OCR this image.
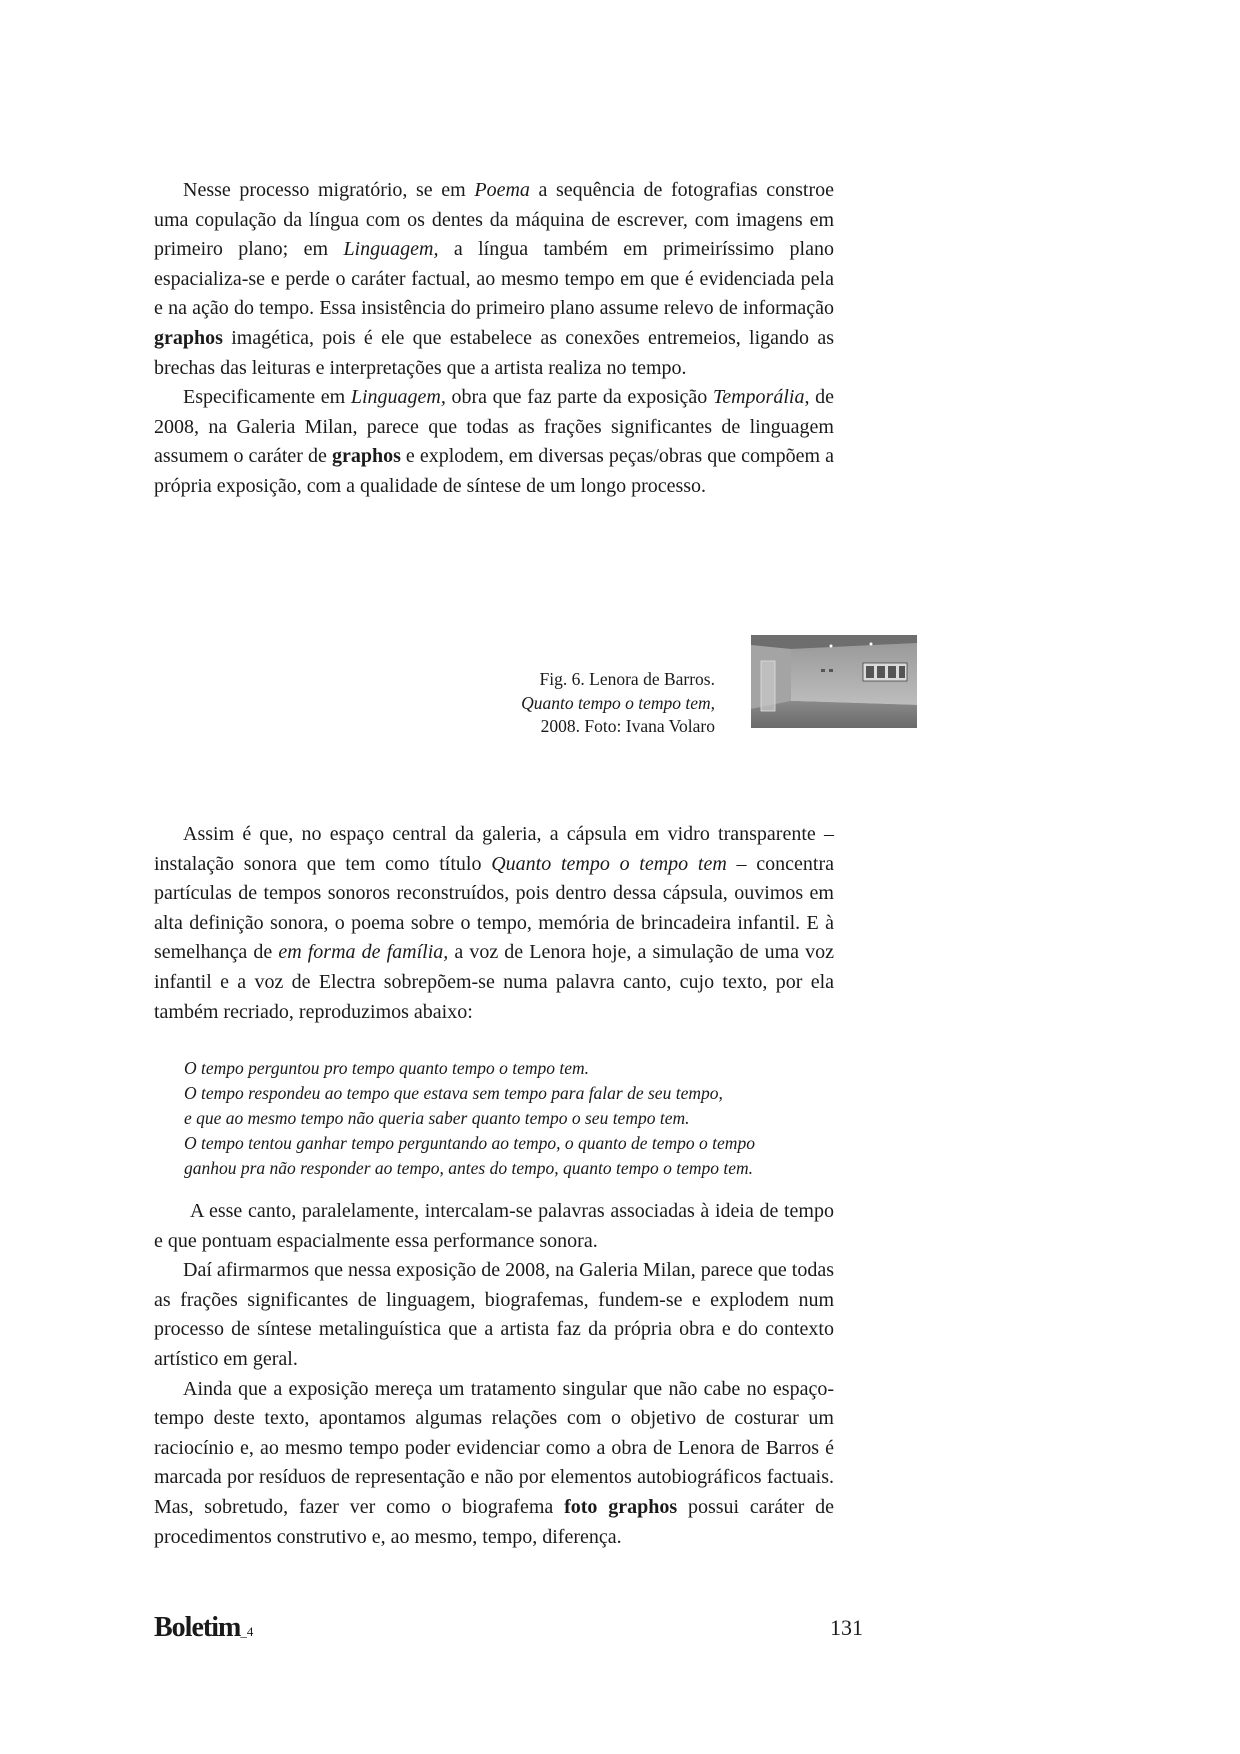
Nesse processo migratório, se em Poema a sequência de fotografias constroe uma copulação da língua com os dentes da máquina de escrever, com imagens em primeiro plano; em Linguagem, a língua também em primeiríssimo plano espacializa-se e perde o caráter factual, ao mesmo tempo em que é evidenciada pela e na ação do tempo. Essa insistência do primeiro plano assume relevo de informação graphos imagética, pois é ele que estabelece as conexões entremeios, ligando as brechas das leituras e interpretações que a artista realiza no tempo.

Especificamente em Linguagem, obra que faz parte da exposição Temporália, de 2008, na Galeria Milan, parece que todas as frações significantes de linguagem assumem o caráter de graphos e explodem, em diversas peças/obras que compõem a própria exposição, com a qualidade de síntese de um longo processo.

Fig. 6. Lenora de Barros.
Quanto tempo o tempo tem,
2008. Foto: Ivana Volaro

Assim é que, no espaço central da galeria, a cápsula em vidro transparente – instalação sonora que tem como título Quanto tempo o tempo tem – concentra partículas de tempos sonoros reconstruídos, pois dentro dessa cápsula, ouvimos em alta definição sonora, o poema sobre o tempo, memória de brincadeira infantil. E à semelhança de em forma de família, a voz de Lenora hoje, a simulação de uma voz infantil e a voz de Electra sobrepõem-se numa palavra canto, cujo texto, por ela também recriado, reproduzimos abaixo:

O tempo perguntou pro tempo quanto tempo o tempo tem.
O tempo respondeu ao tempo que estava sem tempo para falar de seu tempo,
e que ao mesmo tempo não queria saber quanto tempo o seu tempo tem.
O tempo tentou ganhar tempo perguntando ao tempo, o quanto de tempo o tempo
ganhou pra não responder ao tempo, antes do tempo, quanto tempo o tempo tem.

A esse canto, paralelamente, intercalam-se palavras associadas à ideia de tempo e que pontuam espacialmente essa performance sonora.

Daí afirmarmos que nessa exposição de 2008, na Galeria Milan, parece que todas as frações significantes de linguagem, biografemas, fundem-se e explodem num processo de síntese metalinguística que a artista faz da própria obra e do contexto artístico em geral.

Ainda que a exposição mereça um tratamento singular que não cabe no espaço-tempo deste texto, apontamos algumas relações com o objetivo de costurar um raciocínio e, ao mesmo tempo poder evidenciar como a obra de Lenora de Barros é marcada por resíduos de representação e não por elementos autobiográficos factuais. Mas, sobretudo, fazer ver como o biografema foto graphos possui caráter de procedimentos construtivo e, ao mesmo, tempo, diferença.

Boletim_4	131
